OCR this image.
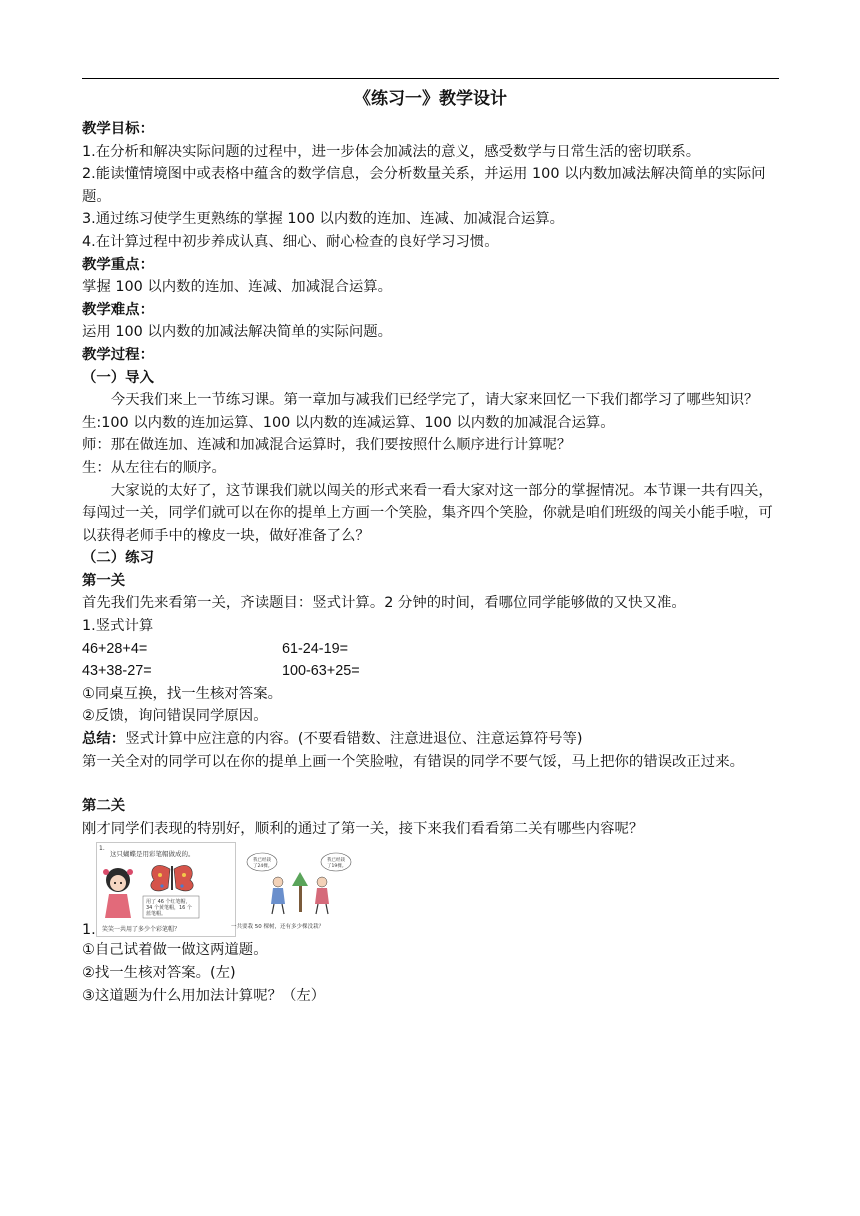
《练习一》教学设计

教学目标：

1.在分析和解决实际问题的过程中，进一步体会加减法的意义，感受数学与日常生活的密切联系。

2.能读懂情境图中或表格中蕴含的数学信息，会分析数量关系，并运用 100 以内数加减法解决简单的实际问题。

3.通过练习使学生更熟练的掌握 100 以内数的连加、连减、加减混合运算。

4.在计算过程中初步养成认真、细心、耐心检查的良好学习习惯。

教学重点：

掌握 100 以内数的连加、连减、加减混合运算。

教学难点：

运用 100 以内数的加减法解决简单的实际问题。

教学过程：

（一）导入

今天我们来上一节练习课。第一章加与减我们已经学完了，请大家来回忆一下我们都学习了哪些知识？

生:100 以内数的连加运算、100 以内数的连减运算、100 以内数的加减混合运算。

师：那在做连加、连减和加减混合运算时，我们要按照什么顺序进行计算呢？

生：从左往右的顺序。

大家说的太好了，这节课我们就以闯关的形式来看一看大家对这一部分的掌握情况。本节课一共有四关，每闯过一关，同学们就可以在你的提单上方画一个笑脸，集齐四个笑脸，你就是咱们班级的闯关小能手啦，可以获得老师手中的橡皮一块，做好准备了么？

（二）练习

第一关

首先我们先来看第一关，齐读题目：竖式计算。2 分钟的时间，看哪位同学能够做的又快又准。

1.竖式计算

46+28+4=	61-24-19=
43+38-27=	100-63+25=

①同桌互换，找一生核对答案。

②反馈，询问错误同学原因。

总结：竖式计算中应注意的内容。(不要看错数、注意进退位、注意运算符号等)

第一关全对的同学可以在你的提单上画一个笑脸啦，有错误的同学不要气馁，马上把你的错误改正过来。

第二关

刚才同学们表现的特别好，顺利的通过了第一关，接下来我们看看第二关有哪些内容呢？

1.
1.
这只蝴蝶是用彩笔帽做成的。
用了 46 个红笔帽，
34 个黄笔帽，16 个
蓝笔帽。
笑笑一共用了多少个彩笔帽？
我已经栽
了24棵。
我已经栽
了19棵。
一共要栽 50 棵树，还有多少棵没栽？

①自己试着做一做这两道题。

②找一生核对答案。(左)

③这道题为什么用加法计算呢？（左）
